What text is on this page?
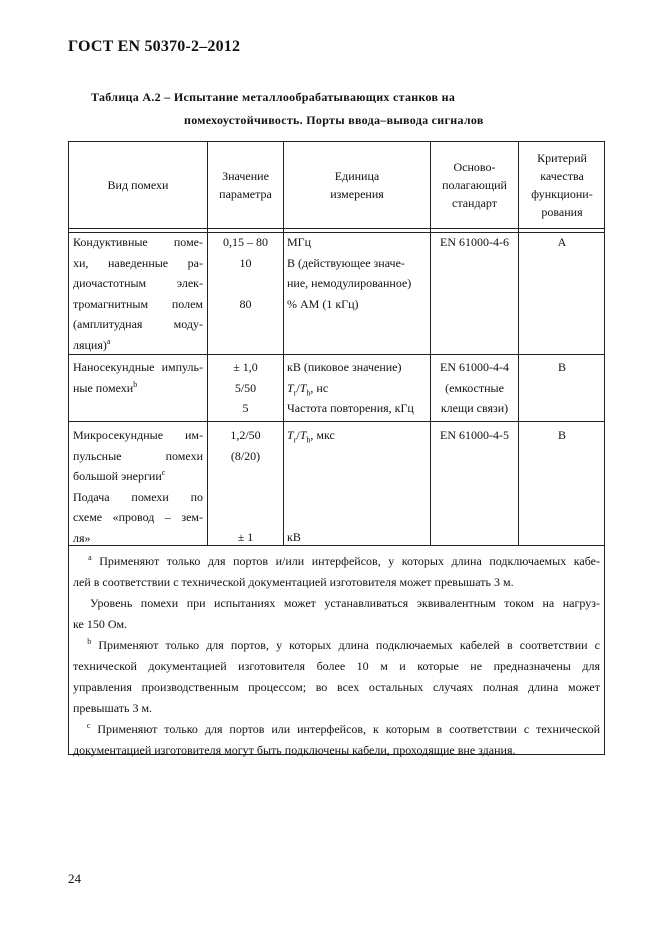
ГОСТ EN 50370-2–2012
Таблица А.2 – Испытание металлообрабатывающих станков на
помехоустойчивость. Порты ввода–вывода сигналов
Вид помехи
Значение
параметра
Единица
измерения
Осново-
полагающий
стандарт
Критерий
качества
функциони-
рования
Кондуктивные поме-
хи, наведенные ра-
диочастотным элек-
тромагнитным полем
(амплитудная моду-
ляция)$^a$
0,15 – 80
10

80
МГц
В (действующее значе-
ние, немодулированное)
% АМ (1 кГц)
EN 61000-4-6	А
Наносекундные импуль-
ные помехи$^b$
± 1,0
5/50
5
кВ (пиковое значение)
$T_r/T_h$, нс
Частота повторения, кГц
EN 61000-4-4
(емкостные
клещи связи)
В
Микросекундные им-
пульсные помехи
большой энергии$^c$
Подача помехи по
схеме «провод – зем-
ля»
1,2/50
(8/20)
± 1
$T_r/T_h$, мкс
кВ
EN 61000-4-5	В
$^a$ Применяют только для портов и/или интерфейсов, у которых длина подключаемых кабе-
лей в соответствии с технической документацией изготовителя может превышать 3 м.
Уровень помехи при испытаниях может устанавливаться эквивалентным током на нагруз-
ке 150 Ом.
$^b$ Применяют только для портов, у которых длина подключаемых кабелей в соответствии с
технической документацией изготовителя более 10 м и которые не предназначены для
управления производственным процессом; во всех остальных случаях полная длина может
превышать 3 м.
$^c$ Применяют только для портов или интерфейсов, к которым в соответствии с технической
документацией изготовителя могут быть подключены кабели, проходящие вне здания.
24
